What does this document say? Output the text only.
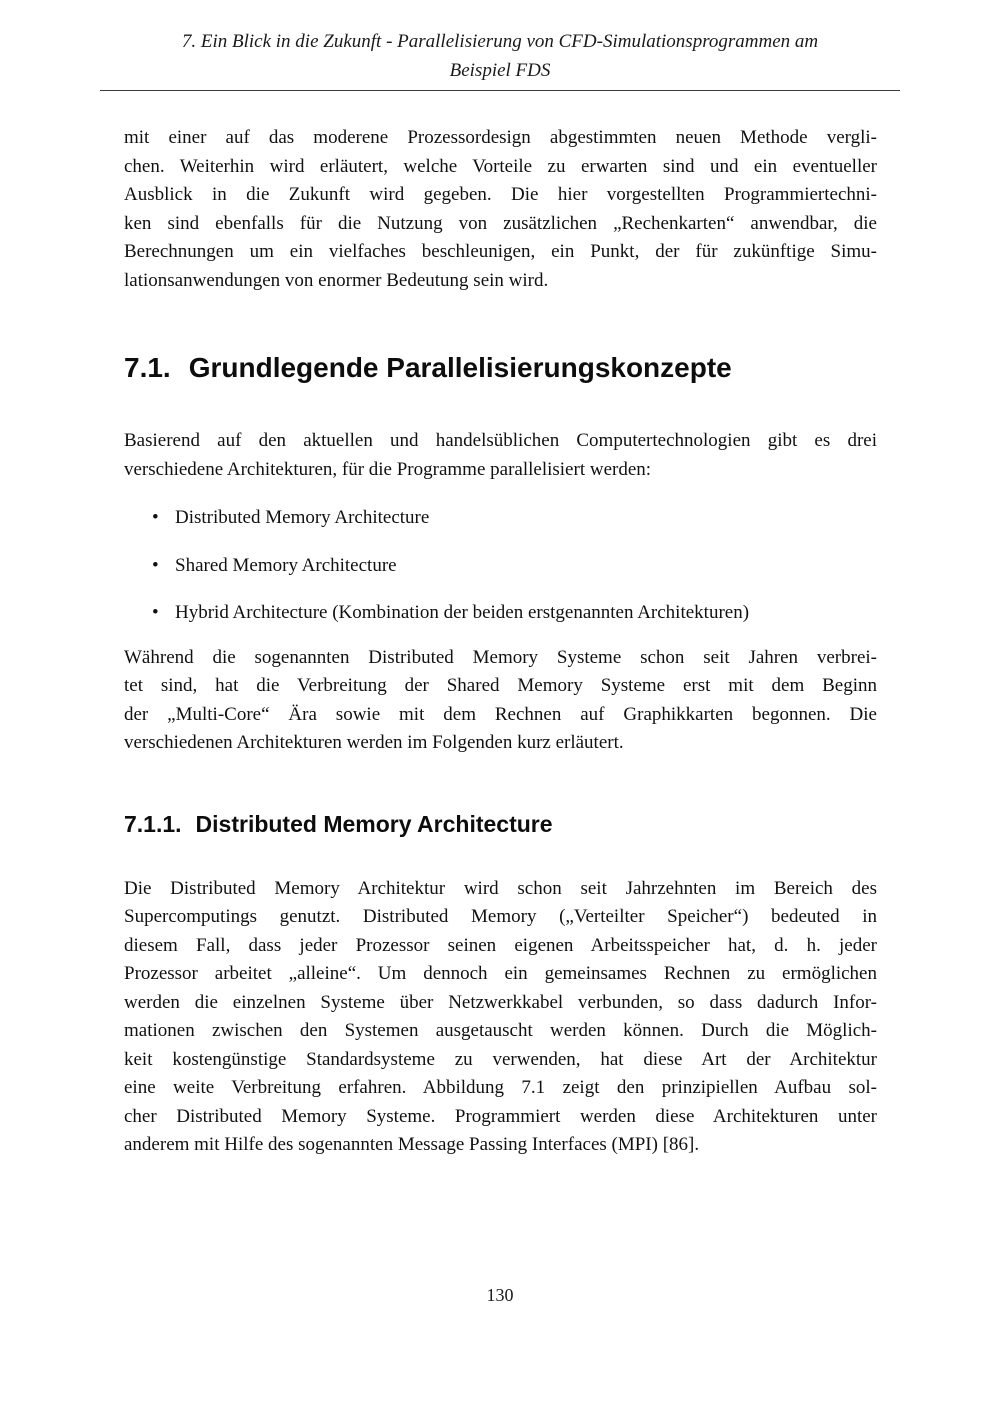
7. Ein Blick in die Zukunft - Parallelisierung von CFD-Simulationsprogrammen am
Beispiel FDS
mit einer auf das moderene Prozessordesign abgestimmten neuen Methode vergli-
chen. Weiterhin wird erläutert, welche Vorteile zu erwarten sind und ein eventueller
Ausblick in die Zukunft wird gegeben. Die hier vorgestellten Programmiertechni-
ken sind ebenfalls für die Nutzung von zusätzlichen „Rechenkarten“ anwendbar, die
Berechnungen um ein vielfaches beschleunigen, ein Punkt, der für zukünftige Simu-
lationsanwendungen von enormer Bedeutung sein wird.
7.1. Grundlegende Parallelisierungskonzepte
Basierend auf den aktuellen und handelsüblichen Computertechnologien gibt es drei
verschiedene Architekturen, für die Programme parallelisiert werden:
• Distributed Memory Architecture
• Shared Memory Architecture
• Hybrid Architecture (Kombination der beiden erstgenannten Architekturen)
Während die sogenannten Distributed Memory Systeme schon seit Jahren verbrei-
tet sind, hat die Verbreitung der Shared Memory Systeme erst mit dem Beginn
der „Multi-Core“ Ära sowie mit dem Rechnen auf Graphikkarten begonnen. Die
verschiedenen Architekturen werden im Folgenden kurz erläutert.
7.1.1. Distributed Memory Architecture
Die Distributed Memory Architektur wird schon seit Jahrzehnten im Bereich des
Supercomputings genutzt. Distributed Memory („Verteilter Speicher“) bedeuted in
diesem Fall, dass jeder Prozessor seinen eigenen Arbeitsspeicher hat, d. h. jeder
Prozessor arbeitet „alleine“. Um dennoch ein gemeinsames Rechnen zu ermöglichen
werden die einzelnen Systeme über Netzwerkkabel verbunden, so dass dadurch Infor-
mationen zwischen den Systemen ausgetauscht werden können. Durch die Möglich-
keit kostengünstige Standardsysteme zu verwenden, hat diese Art der Architektur
eine weite Verbreitung erfahren. Abbildung 7.1 zeigt den prinzipiellen Aufbau sol-
cher Distributed Memory Systeme. Programmiert werden diese Architekturen unter
anderem mit Hilfe des sogenannten Message Passing Interfaces (MPI) [86].
130
